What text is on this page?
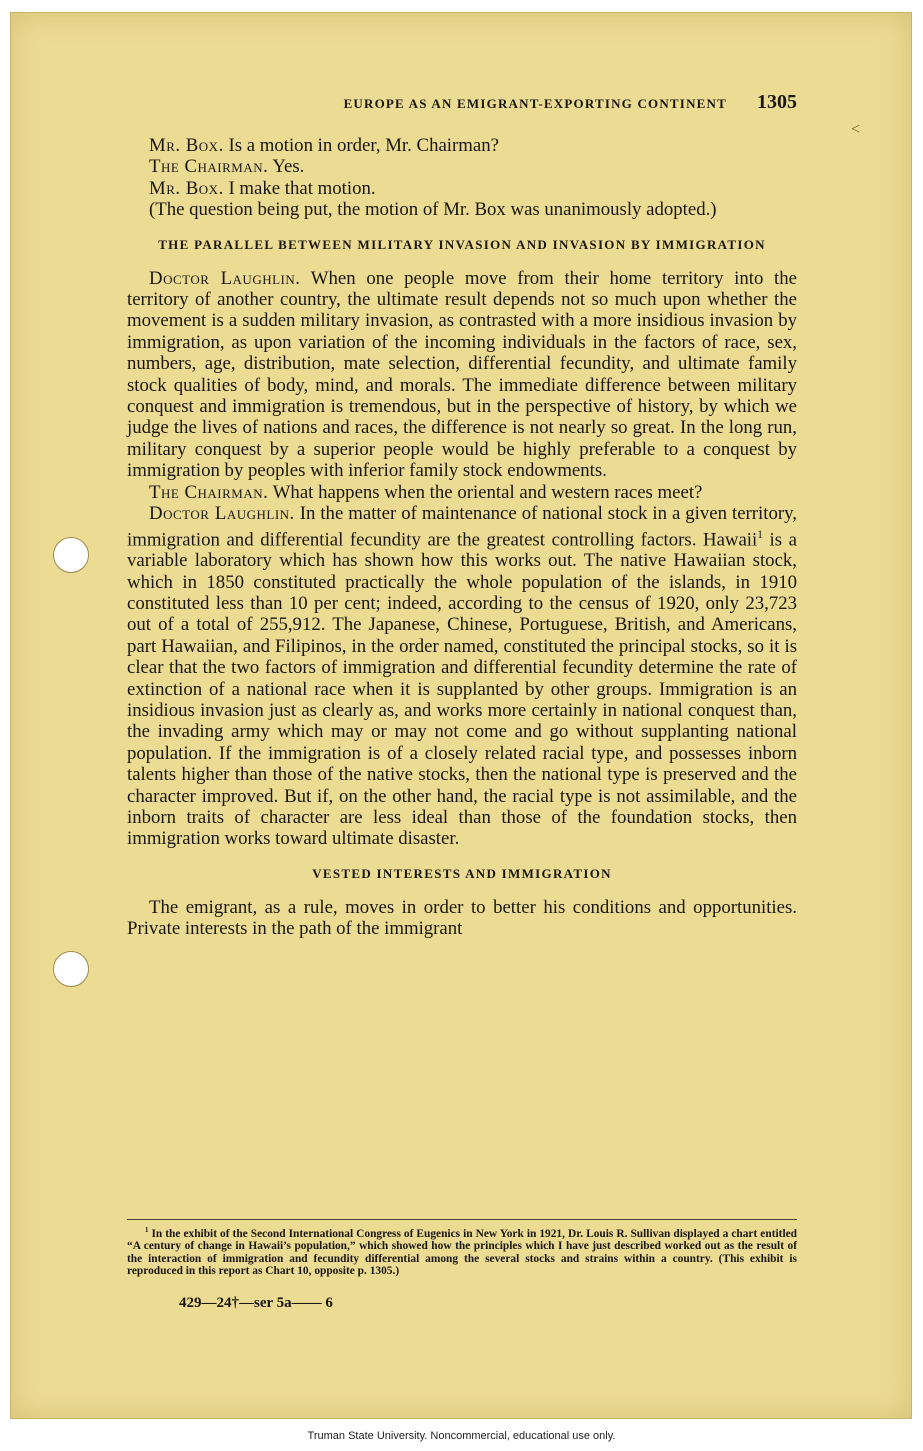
<
EUROPE AS AN EMIGRANT-EXPORTING CONTINENT 1305

Mr. Box. Is a motion in order, Mr. Chairman?

The Chairman. Yes.

Mr. Box. I make that motion.

(The question being put, the motion of Mr. Box was unanimously adopted.)

THE PARALLEL BETWEEN MILITARY INVASION AND INVASION BY IMMIGRATION

Doctor Laughlin. When one people move from their home territory into the territory of another country, the ultimate result depends not so much upon whether the movement is a sudden military invasion, as contrasted with a more insidious invasion by immigration, as upon variation of the incoming individuals in the factors of race, sex, numbers, age, distribution, mate selection, differential fecundity, and ultimate family stock qualities of body, mind, and morals. The immediate difference between military conquest and immigration is tremendous, but in the perspective of history, by which we judge the lives of nations and races, the difference is not nearly so great. In the long run, military conquest by a superior people would be highly preferable to a conquest by immigration by peoples with inferior family stock endowments.

The Chairman. What happens when the oriental and western races meet?

Doctor Laughlin. In the matter of maintenance of national stock in a given territory, immigration and differential fecundity are the greatest controlling factors. Hawaii$^1$ is a variable laboratory which has shown how this works out. The native Hawaiian stock, which in 1850 constituted practically the whole population of the islands, in 1910 constituted less than 10 per cent; indeed, according to the census of 1920, only 23,723 out of a total of 255,912. The Japanese, Chinese, Portuguese, British, and Americans, part Hawaiian, and Filipinos, in the order named, constituted the principal stocks, so it is clear that the two factors of immigration and differential fecundity determine the rate of extinction of a national race when it is supplanted by other groups. Immigration is an insidious invasion just as clearly as, and works more certainly in national conquest than, the invading army which may or may not come and go without supplanting national population. If the immigration is of a closely related racial type, and possesses inborn talents higher than those of the native stocks, then the national type is preserved and the character improved. But if, on the other hand, the racial type is not assimilable, and the inborn traits of character are less ideal than those of the foundation stocks, then immigration works toward ultimate disaster.

VESTED INTERESTS AND IMMIGRATION

The emigrant, as a rule, moves in order to better his conditions and opportunities. Private interests in the path of the immigrant

$^1$ In the exhibit of the Second International Congress of Eugenics in New York in 1921, Dr. Louis R. Sullivan displayed a chart entitled “A century of change in Hawaii’s population,” which showed how the principles which I have just described worked out as the result of the interaction of immigration and fecundity differential among the several stocks and strains within a country. (This exhibit is reproduced in this report as Chart 10, opposite p. 1305.)

429—24†—ser 5a—— 6
Truman State University. Noncommercial, educational use only.
